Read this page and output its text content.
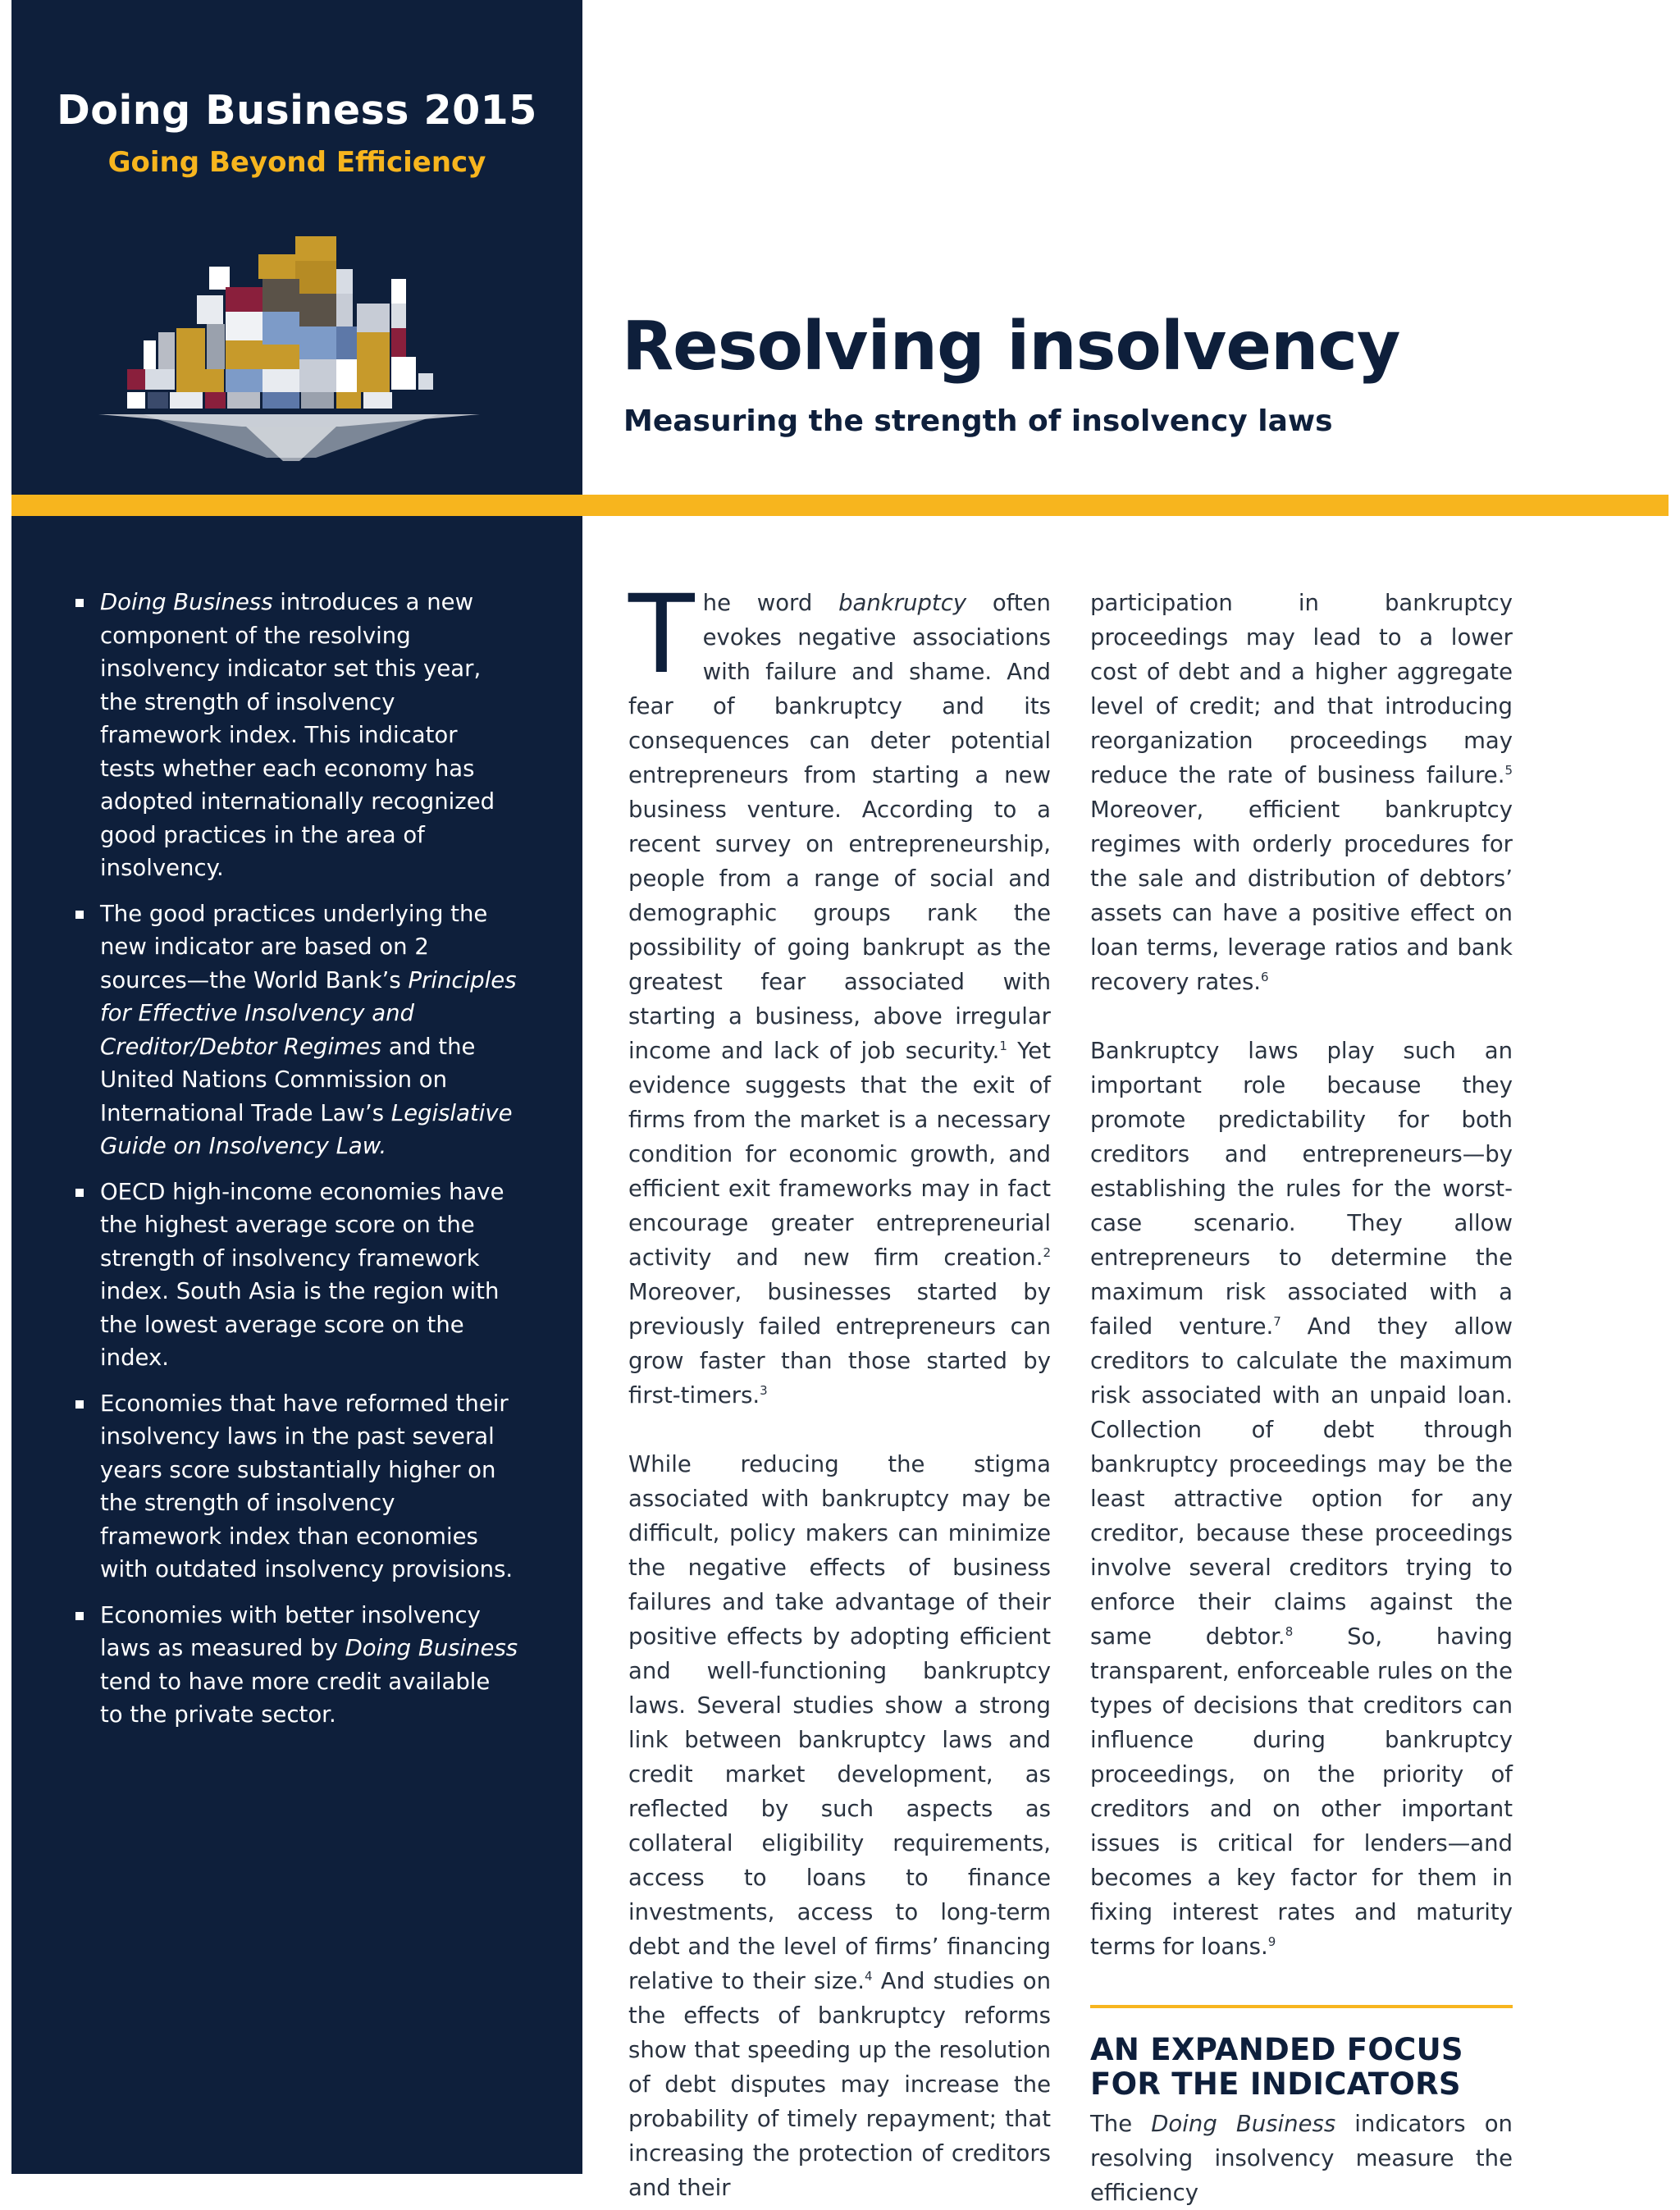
Doing Business 2015
Going Beyond Efficiency
Resolving insolvency
Measuring the strength of insolvency laws
Doing Business introduces a new component of the resolving insolvency indicator set this year, the strength of insolvency framework index. This indicator tests whether each economy has adopted internationally recognized good practices in the area of insolvency.
The good practices underlying the new indicator are based on 2 sources—the World Bank’s Principles for Effective Insolvency and Creditor/Debtor Regimes and the United Nations Commission on International Trade Law’s Legislative Guide on Insolvency Law.
OECD high-income economies have the highest average score on the strength of insolvency framework index. South Asia is the region with the lowest average score on the index.
Economies that have reformed their insolvency laws in the past several years score substantially higher on the strength of insolvency framework index than economies with outdated insolvency provisions.
Economies with better insolvency laws as measured by Doing Business tend to have more credit available to the private sector.

The word bankruptcy often evokes negative associations with failure and shame. And fear of bankruptcy and its consequences can deter potential entrepreneurs from starting a new business venture. According to a recent survey on entrepreneurship, people from a range of social and demographic groups rank the possibility of going bankrupt as the greatest fear associated with starting a business, above irregular income and lack of job security.$^1$ Yet evidence suggests that the exit of firms from the market is a necessary condition for economic growth, and efficient exit frameworks may in fact encourage greater entrepreneurial activity and new firm creation.$^2$ Moreover, businesses started by previously failed entrepreneurs can grow faster than those started by first-timers.$^3$

While reducing the stigma associated with bankruptcy may be difficult, policy makers can minimize the negative effects of business failures and take advantage of their positive effects by adopting efficient and well-functioning bankruptcy laws. Several studies show a strong link between bankruptcy laws and credit market development, as reflected by such aspects as collateral eligibility requirements, access to loans to finance investments, access to long-term debt and the level of firms’ financing relative to their size.$^4$ And studies on the effects of bankruptcy reforms show that speeding up the resolution of debt disputes may increase the probability of timely repayment; that increasing the protection of creditors and their

participation in bankruptcy proceedings may lead to a lower cost of debt and a higher aggregate level of credit; and that introducing reorganization proceedings may reduce the rate of business failure.$^5$ Moreover, efficient bankruptcy regimes with orderly procedures for the sale and distribution of debtors’ assets can have a positive effect on loan terms, leverage ratios and bank recovery rates.$^6$

Bankruptcy laws play such an important role because they promote predictability for both creditors and entrepreneurs—by establishing the rules for the worst-case scenario. They allow entrepreneurs to determine the maximum risk associated with a failed venture.$^7$ And they allow creditors to calculate the maximum risk associated with an unpaid loan. Collection of debt through bankruptcy proceedings may be the least attractive option for any creditor, because these proceedings involve several creditors trying to enforce their claims against the same debtor.$^8$ So, having transparent, enforceable rules on the types of decisions that creditors can influence during bankruptcy proceedings, on the priority of creditors and on other important issues is critical for lenders—and becomes a key factor for them in fixing interest rates and maturity terms for loans.$^9$

AN EXPANDED FOCUS FOR THE INDICATORS

The Doing Business indicators on resolving insolvency measure the efficiency
